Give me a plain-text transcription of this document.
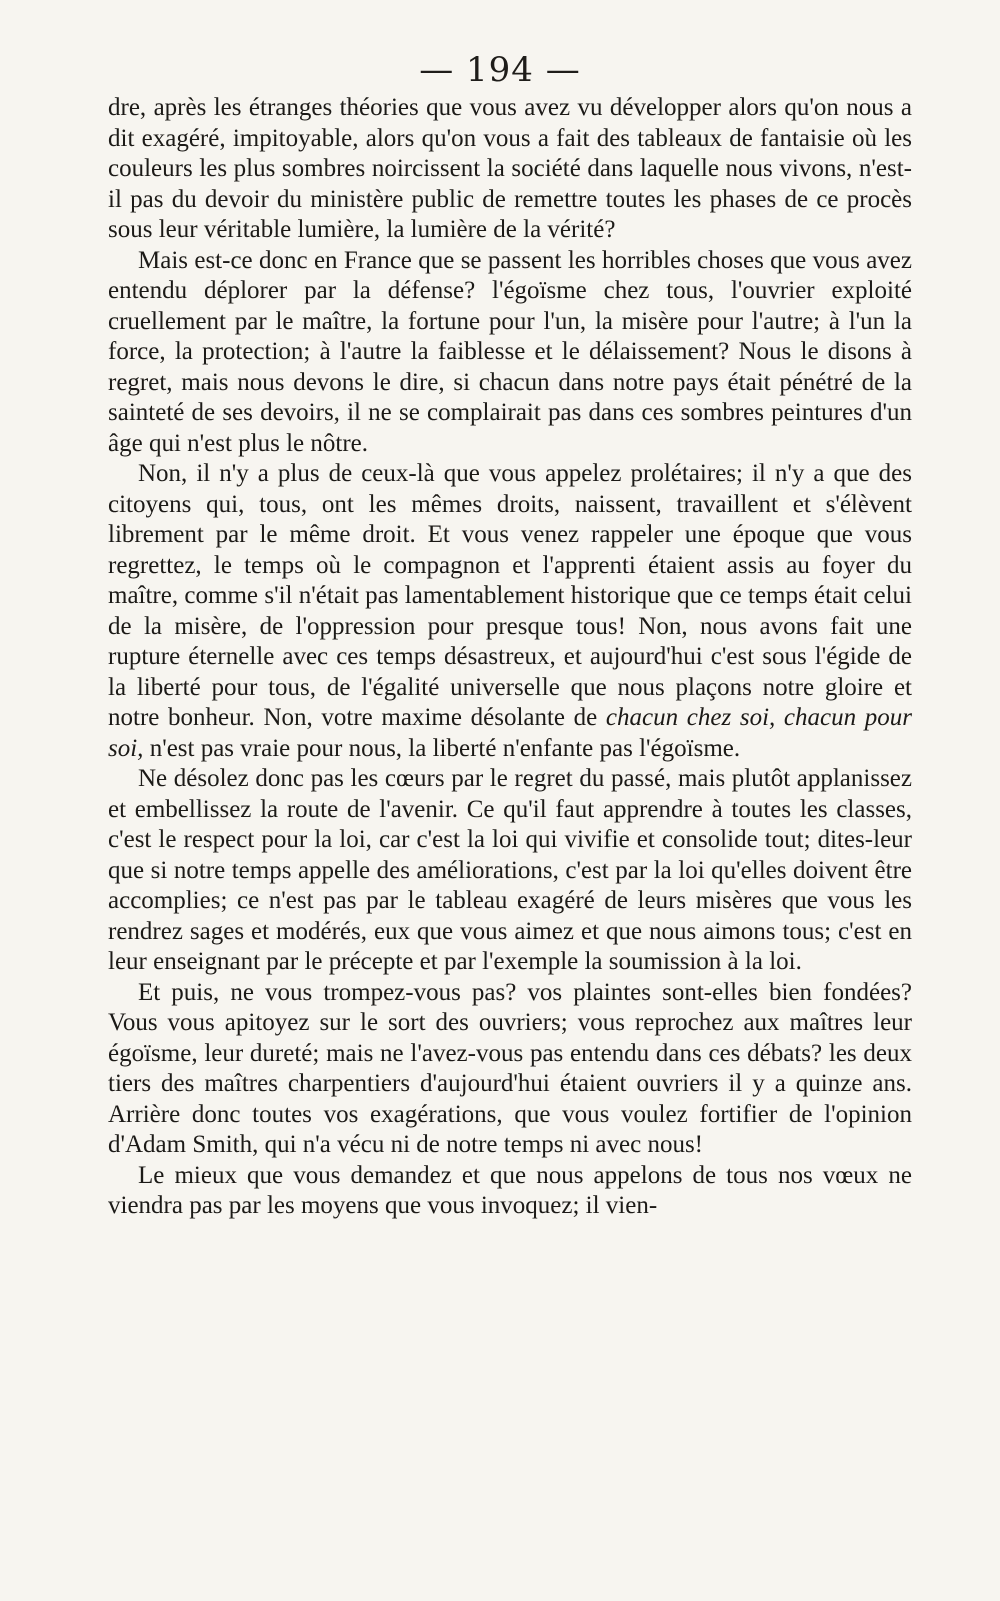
— 194 —

dre, après les étranges théories que vous avez vu développer alors qu'on nous a dit exagéré, impitoyable, alors qu'on vous a fait des tableaux de fantaisie où les couleurs les plus sombres noircissent la société dans laquelle nous vivons, n'est-il pas du devoir du ministère public de remettre toutes les phases de ce procès sous leur véritable lumière, la lumière de la vérité?

Mais est-ce donc en France que se passent les horribles choses que vous avez entendu déplorer par la défense? l'égoïsme chez tous, l'ouvrier exploité cruellement par le maître, la fortune pour l'un, la misère pour l'autre; à l'un la force, la protection; à l'autre la faiblesse et le délaissement? Nous le disons à regret, mais nous devons le dire, si chacun dans notre pays était pénétré de la sainteté de ses devoirs, il ne se complairait pas dans ces sombres peintures d'un âge qui n'est plus le nôtre.

Non, il n'y a plus de ceux-là que vous appelez prolétaires; il n'y a que des citoyens qui, tous, ont les mêmes droits, naissent, travaillent et s'élèvent librement par le même droit. Et vous venez rappeler une époque que vous regrettez, le temps où le compagnon et l'apprenti étaient assis au foyer du maître, comme s'il n'était pas lamentablement historique que ce temps était celui de la misère, de l'oppression pour presque tous! Non, nous avons fait une rupture éternelle avec ces temps désastreux, et aujourd'hui c'est sous l'égide de la liberté pour tous, de l'égalité universelle que nous plaçons notre gloire et notre bonheur. Non, votre maxime désolante de chacun chez soi, chacun pour soi, n'est pas vraie pour nous, la liberté n'enfante pas l'égoïsme.

Ne désolez donc pas les cœurs par le regret du passé, mais plutôt applanissez et embellissez la route de l'avenir. Ce qu'il faut apprendre à toutes les classes, c'est le respect pour la loi, car c'est la loi qui vivifie et consolide tout; dites-leur que si notre temps appelle des améliorations, c'est par la loi qu'elles doivent être accomplies; ce n'est pas par le tableau exagéré de leurs misères que vous les rendrez sages et modérés, eux que vous aimez et que nous aimons tous; c'est en leur enseignant par le précepte et par l'exemple la soumission à la loi.

Et puis, ne vous trompez-vous pas? vos plaintes sont-elles bien fondées? Vous vous apitoyez sur le sort des ouvriers; vous reprochez aux maîtres leur égoïsme, leur dureté; mais ne l'avez-vous pas entendu dans ces débats? les deux tiers des maîtres charpentiers d'aujourd'hui étaient ouvriers il y a quinze ans. Arrière donc toutes vos exagérations, que vous voulez fortifier de l'opinion d'Adam Smith, qui n'a vécu ni de notre temps ni avec nous!

Le mieux que vous demandez et que nous appelons de tous nos vœux ne viendra pas par les moyens que vous invoquez; il vien-
